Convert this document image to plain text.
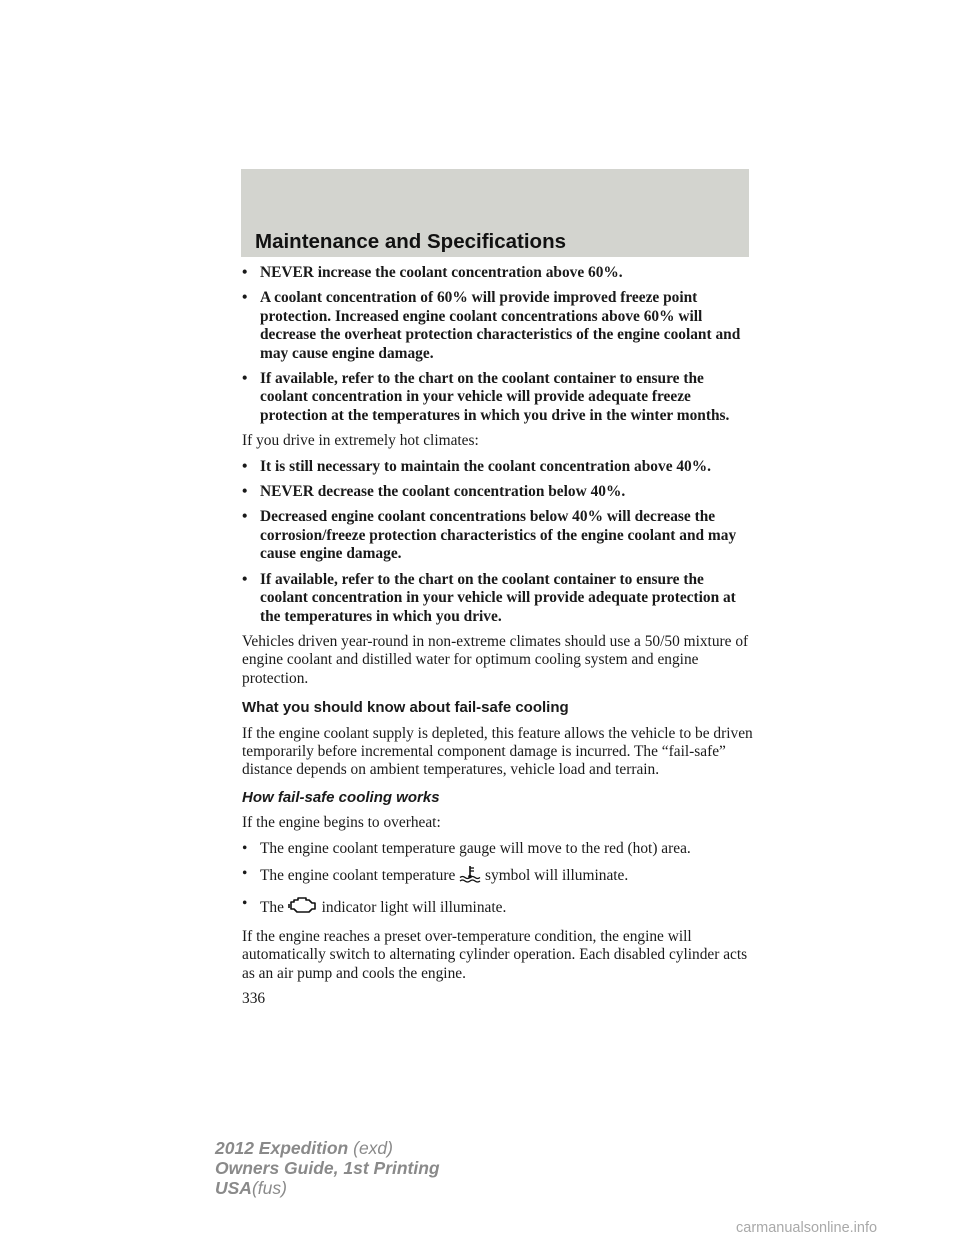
Maintenance and Specifications
• NEVER increase the coolant concentration above 60%.
• A coolant concentration of 60% will provide improved freeze point protection. Increased engine coolant concentrations above 60% will decrease the overheat protection characteristics of the engine coolant and may cause engine damage.
• If available, refer to the chart on the coolant container to ensure the coolant concentration in your vehicle will provide adequate freeze protection at the temperatures in which you drive in the winter months.
If you drive in extremely hot climates:
• It is still necessary to maintain the coolant concentration above 40%.
• NEVER decrease the coolant concentration below 40%.
• Decreased engine coolant concentrations below 40% will decrease the corrosion/freeze protection characteristics of the engine coolant and may cause engine damage.
• If available, refer to the chart on the coolant container to ensure the coolant concentration in your vehicle will provide adequate protection at the temperatures in which you drive.
Vehicles driven year-round in non-extreme climates should use a 50/50 mixture of engine coolant and distilled water for optimum cooling system and engine protection.
What you should know about fail-safe cooling
If the engine coolant supply is depleted, this feature allows the vehicle to be driven temporarily before incremental component damage is incurred. The “fail-safe” distance depends on ambient temperatures, vehicle load and terrain.
How fail-safe cooling works
If the engine begins to overheat:
• The engine coolant temperature gauge will move to the red (hot) area.
• The engine coolant temperature symbol will illuminate.
• The indicator light will illuminate.
If the engine reaches a preset over-temperature condition, the engine will automatically switch to alternating cylinder operation. Each disabled cylinder acts as an air pump and cools the engine.
336
2012 Expedition (exd)
Owners Guide, 1st Printing
USA(fus)
carmanualsonline.info
